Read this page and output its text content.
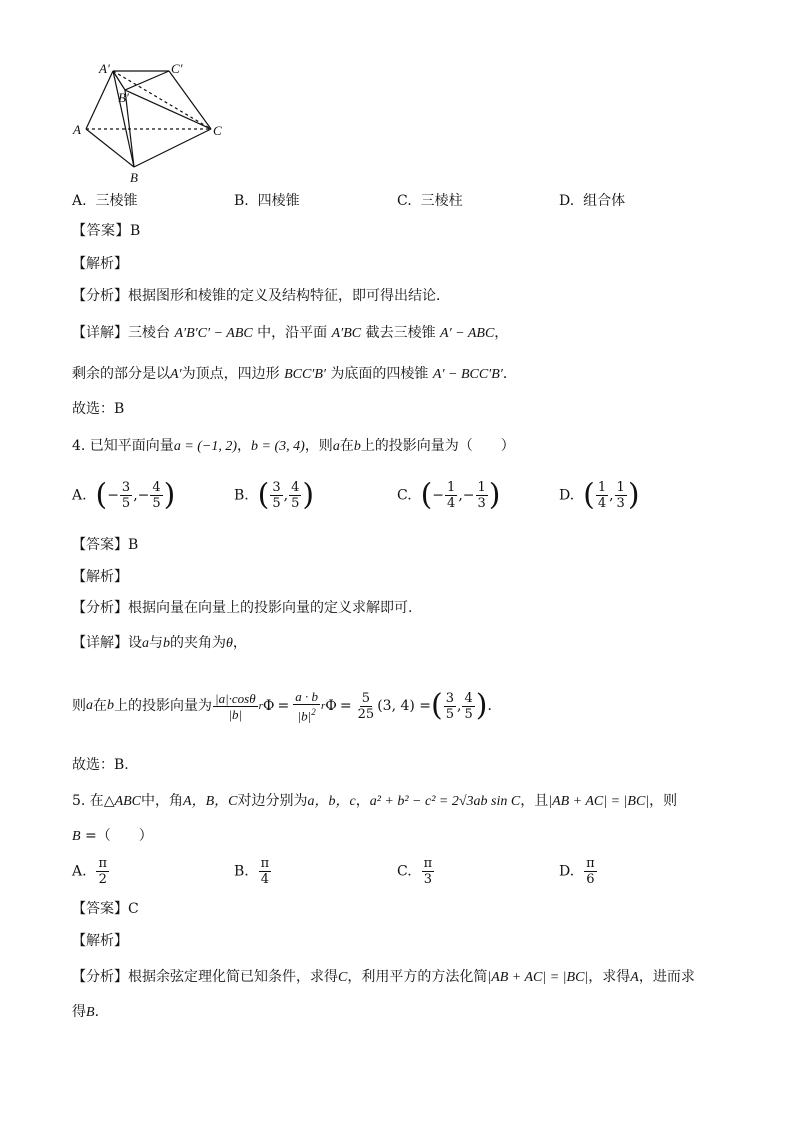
A′	C′
B′
A	C
B
A. 三棱锥	B. 四棱锥	C. 三棱柱	D. 组合体
【答案】B
【解析】
【分析】根据图形和棱锥的定义及结构特征，即可得出结论．
【详解】三棱台 A′B′C′ − ABC 中，沿平面 A′BC 截去三棱锥 A′ − ABC，
剩余的部分是以A′为顶点，四边形 BCC′B′ 为底面的四棱锥 A′ − BCC′B′．
故选：B
4. 已知平面向量a = (−1, 2)，b = (3, 4)，则a在b上的投影向量为（　　）
A. (− $\frac{3}{5}$ ,− $\frac{4}{5}$ )	B. ( $\frac{3}{5}$ , $\frac{4}{5}$ )	C. (− $\frac{1}{4}$ ,− $\frac{1}{3}$ )	D. ( $\frac{1}{4}$ , $\frac{1}{3}$ )
【答案】B
【解析】
【分析】根据向量在向量上的投影向量的定义求解即可.
【详解】设a与b的夹角为θ，
则 a 在 b 上的投影向量为 $\frac{|a|\cdot\cos\theta}{|b|}$ r $Ф = \frac{a \cdot b}{|b|^2}$ r $Ф = \frac{5}{25} (3$, 4) = ( $\frac{3}{5}$ , $\frac{4}{5}$ ) ．
故选：B.
5. 在△ABC中，角A，B，C对边分别为a，b，c，a² + b² − c² = 2√3ab sin C，且|AB + AC| = |BC|，则
B =（　　）
A. $\frac{\pi}{2}$	B. $\frac{\pi}{4}$	C. $\frac{\pi}{3}$	D. $\frac{\pi}{6}$
【答案】C
【解析】
【分析】根据余弦定理化简已知条件，求得C，利用平方的方法化简|AB + AC| = |BC|，求得A，进而求
得B.
